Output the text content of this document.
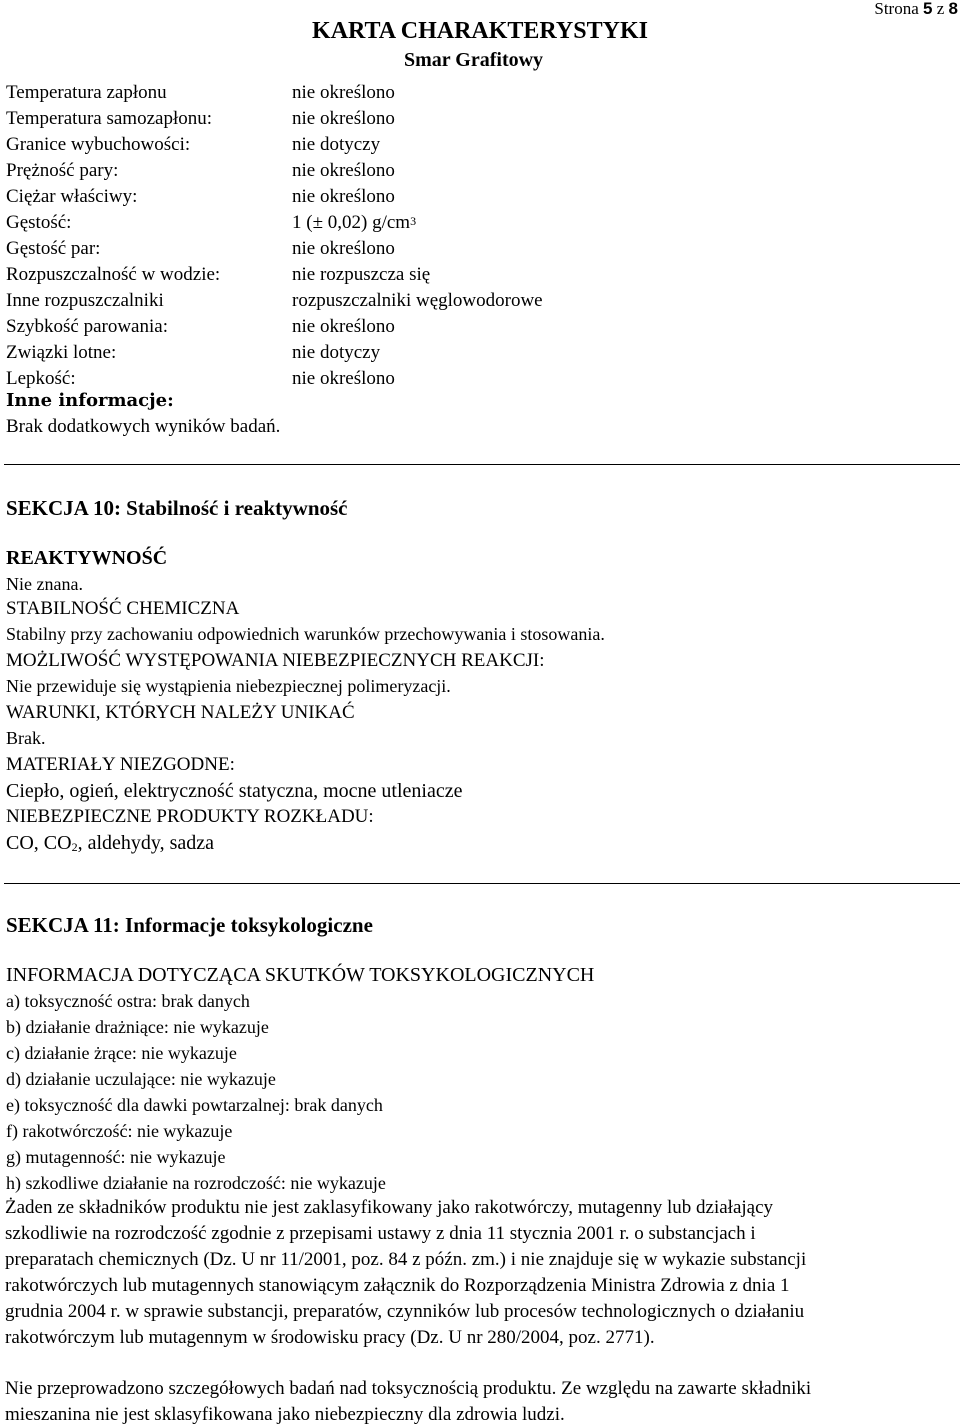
Strona 5 z 8
KARTA CHARAKTERYSTYKI
Smar Grafitowy
Temperatura zapłonu	nie określono
Temperatura samozapłonu:	nie określono
Granice wybuchowości:	nie dotyczy
Prężność pary:	nie określono
Ciężar właściwy:	nie określono
Gęstość:	1 (± 0,02) $g/cm^3$
Gęstość par:	nie określono
Rozpuszczalność w wodzie:	nie rozpuszcza się
Inne rozpuszczalniki	rozpuszczalniki węglowodorowe
Szybkość parowania:	nie określono
Związki lotne:	nie dotyczy
Lepkość:	nie określono
Inne informacje:
Brak dodatkowych wyników badań.
SEKCJA 10: Stabilność i reaktywność
REAKTYWNOŚĆ
Nie znana.
STABILNOŚĆ CHEMICZNA
Stabilny przy zachowaniu odpowiednich warunków przechowywania i stosowania.
MOŻLIWOŚĆ WYSTĘPOWANIA NIEBEZPIECZNYCH REAKCJI:
Nie przewiduje się wystąpienia niebezpiecznej polimeryzacji.
WARUNKI, KTÓRYCH NALEŻY UNIKAĆ
Brak.
MATERIAŁY NIEZGODNE:
Ciepło, ogień, elektryczność statyczna, mocne utleniacze
NIEBEZPIECZNE PRODUKTY ROZKŁADU:
CO, $CO_2$, aldehydy, sadza
SEKCJA 11: Informacje toksykologiczne
INFORMACJA DOTYCZĄCA SKUTKÓW TOKSYKOLOGICZNYCH
a) toksyczność ostra: brak danych
b) działanie drażniące: nie wykazuje
c) działanie żrące: nie wykazuje
d) działanie uczulające: nie wykazuje
e) toksyczność dla dawki powtarzalnej: brak danych
f) rakotwórczość: nie wykazuje
g) mutagenność: nie wykazuje
h) szkodliwe działanie na rozrodczość: nie wykazuje
Żaden ze składników produktu nie jest zaklasyfikowany jako rakotwórczy, mutagenny lub działający
szkodliwie na rozrodczość zgodnie z przepisami ustawy z dnia 11 stycznia 2001 r. o substancjach i
preparatach chemicznych (Dz. U nr 11/2001, poz. 84 z późn. zm.) i nie znajduje się w wykazie substancji
rakotwórczych lub mutagennych stanowiącym załącznik do Rozporządzenia Ministra Zdrowia z dnia 1
grudnia 2004 r. w sprawie substancji, preparatów, czynników lub procesów technologicznych o działaniu
rakotwórczym lub mutagennym w środowisku pracy (Dz. U nr 280/2004, poz. 2771).
Nie przeprowadzono szczegółowych badań nad toksycznością produktu. Ze względu na zawarte składniki
mieszanina nie jest sklasyfikowana jako niebezpieczny dla zdrowia ludzi.
